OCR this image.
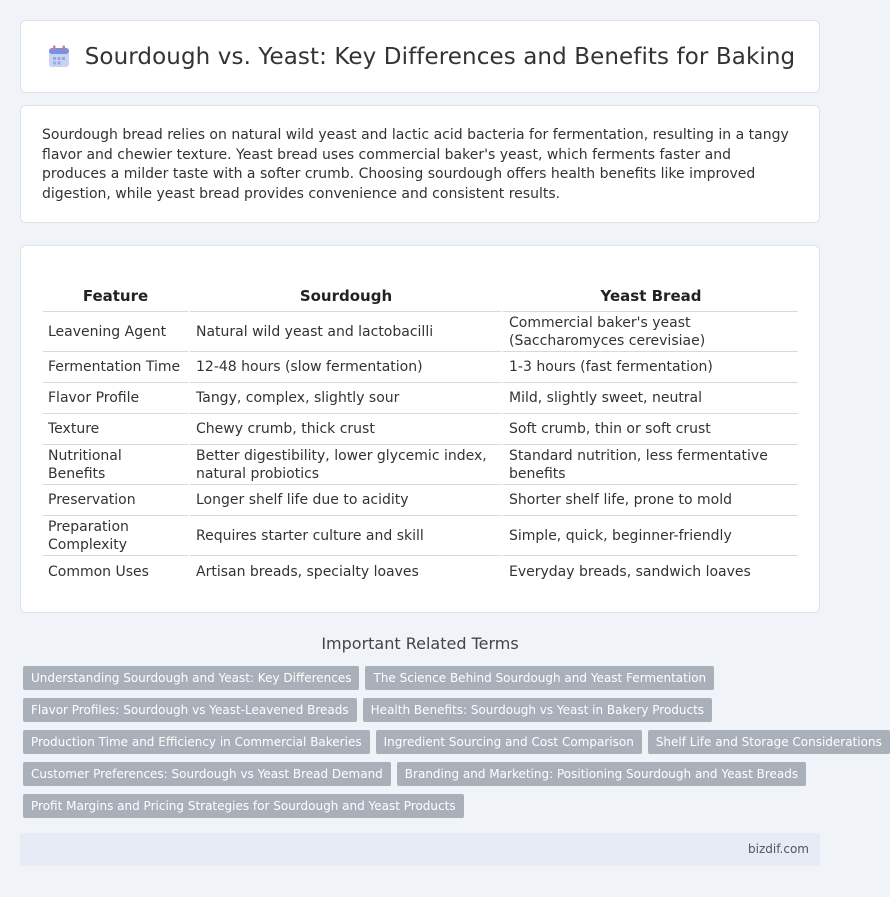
Sourdough vs. Yeast: Key Differences and Benefits for Baking

Sourdough bread relies on natural wild yeast and lactic acid bacteria for fermentation, resulting in a tangy flavor and chewier texture. Yeast bread uses commercial baker's yeast, which ferments faster and produces a milder taste with a softer crumb. Choosing sourdough offers health benefits like improved digestion, while yeast bread provides convenience and consistent results.

Feature	Sourdough	Yeast Bread
Leavening Agent	Natural wild yeast and lactobacilli	Commercial baker's yeast (Saccharomyces cerevisiae)
Fermentation Time	12-48 hours (slow fermentation)	1-3 hours (fast fermentation)
Flavor Profile	Tangy, complex, slightly sour	Mild, slightly sweet, neutral
Texture	Chewy crumb, thick crust	Soft crumb, thin or soft crust
Nutritional Benefits	Better digestibility, lower glycemic index, natural probiotics	Standard nutrition, less fermentative benefits
Preservation	Longer shelf life due to acidity	Shorter shelf life, prone to mold
Preparation Complexity	Requires starter culture and skill	Simple, quick, beginner-friendly
Common Uses	Artisan breads, specialty loaves	Everyday breads, sandwich loaves
Important Related Terms
Understanding Sourdough and Yeast: Key Differences	The Science Behind Sourdough and Yeast Fermentation
Flavor Profiles: Sourdough vs Yeast-Leavened Breads	Health Benefits: Sourdough vs Yeast in Bakery Products
Production Time and Efficiency in Commercial Bakeries	Ingredient Sourcing and Cost Comparison	Shelf Life and Storage Considerations
Customer Preferences: Sourdough vs Yeast Bread Demand	Branding and Marketing: Positioning Sourdough and Yeast Breads
Profit Margins and Pricing Strategies for Sourdough and Yeast Products
bizdif.com
